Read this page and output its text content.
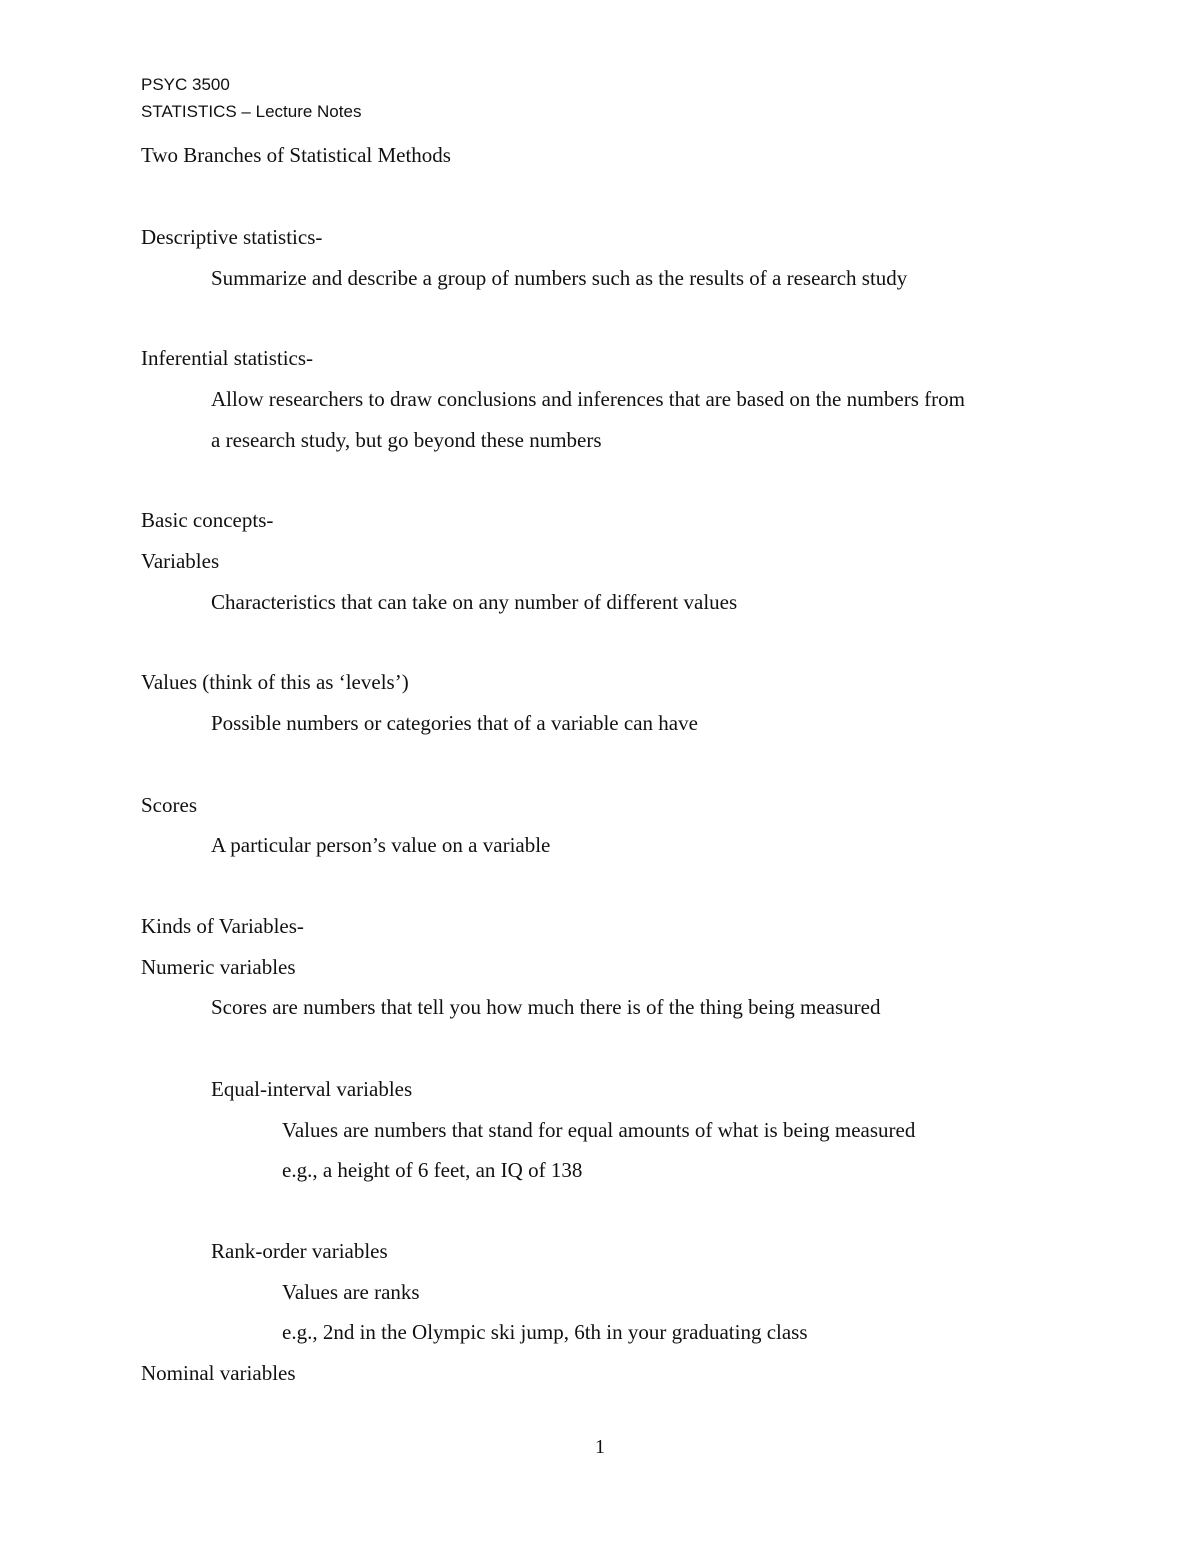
PSYC 3500
STATISTICS – Lecture Notes
Two Branches of Statistical Methods
Descriptive statistics-
Summarize and describe a group of numbers such as the results of a research study
Inferential statistics-
Allow researchers to draw conclusions and inferences that are based on the numbers from
a research study, but go beyond these numbers
Basic concepts-
Variables
Characteristics that can take on any number of different values
Values (think of this as ‘levels’)
Possible numbers or categories that of a variable can have
Scores
A particular person’s value on a variable
Kinds of Variables-
Numeric variables
Scores are numbers that tell you how much there is of the thing being measured
Equal-interval variables
Values are numbers that stand for equal amounts of what is being measured
e.g., a height of 6 feet, an IQ of 138
Rank-order variables
Values are ranks
e.g., 2nd in the Olympic ski jump, 6th in your graduating class
Nominal variables
1
